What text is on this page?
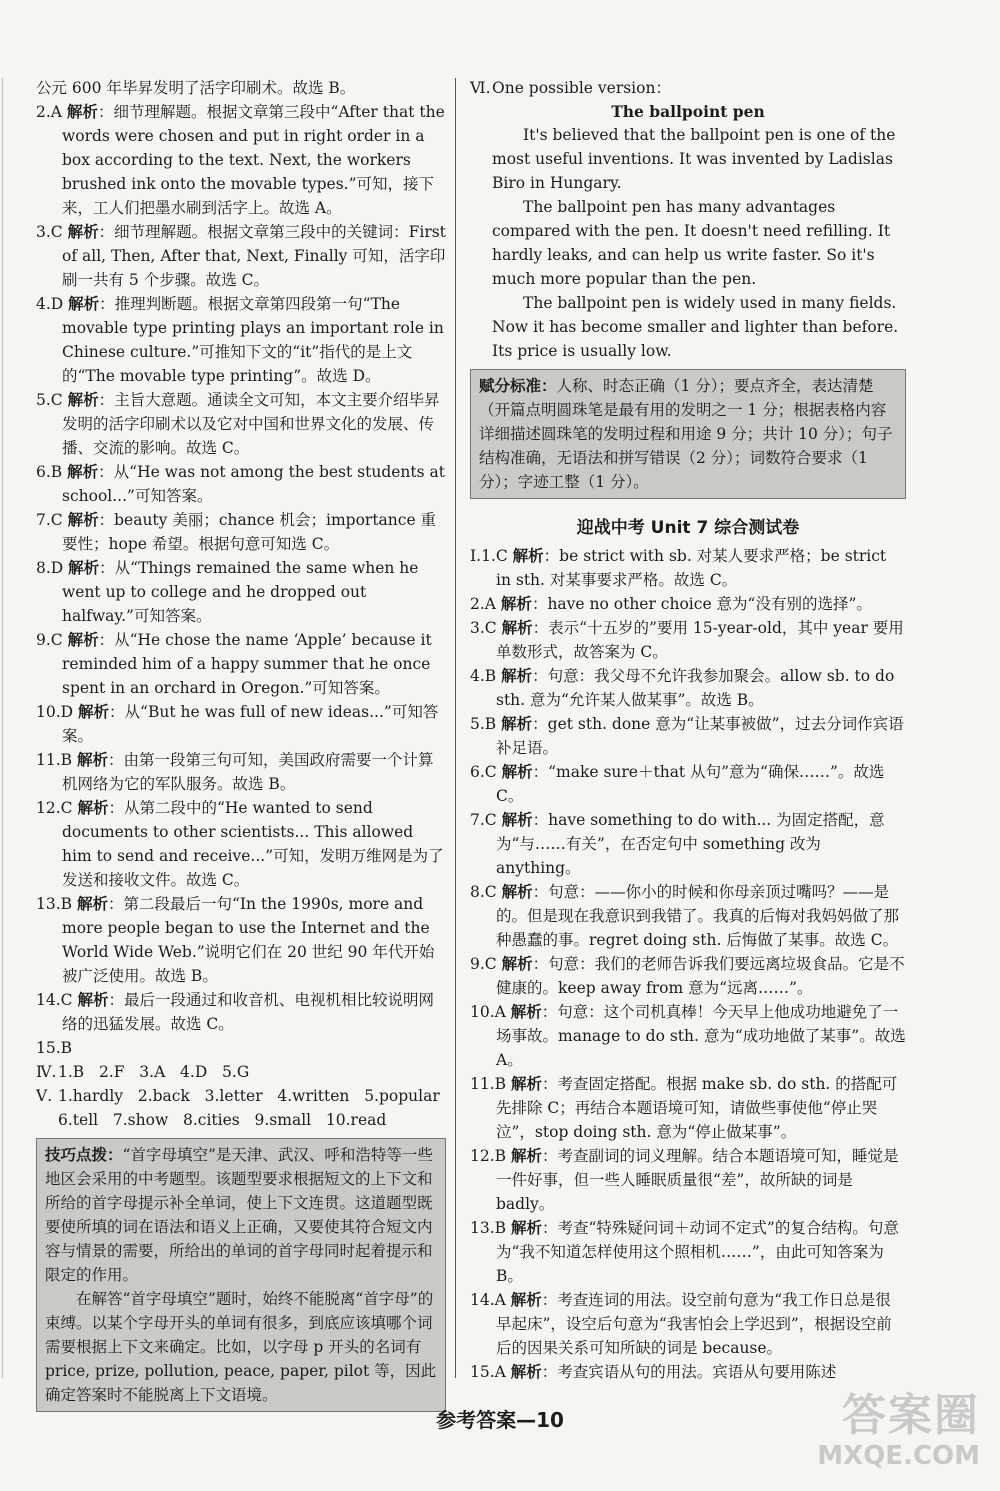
公元 600 年毕昇发明了活字印刷术。故选 B。

2.A 解析：细节理解题。根据文章第三段中“After that the words were chosen and put in right order in a box according to the text. Next, the workers brushed ink onto the movable types.”可知，接下来，工人们把墨水刷到活字上。故选 A。

3.C 解析：细节理解题。根据文章第三段中的关键词：First of all, Then, After that, Next, Finally 可知，活字印刷一共有 5 个步骤。故选 C。

4.D 解析：推理判断题。根据文章第四段第一句“The movable type printing plays an important role in Chinese culture.”可推知下文的“it”指代的是上文的“The movable type printing”。故选 D。

5.C 解析：主旨大意题。通读全文可知，本文主要介绍毕昇发明的活字印刷术以及它对中国和世界文化的发展、传播、交流的影响。故选 C。

6.B 解析：从“He was not among the best students at school...”可知答案。

7.C 解析：beauty 美丽；chance 机会；importance 重要性；hope 希望。根据句意可知选 C。

8.D 解析：从“Things remained the same when he went up to college and he dropped out halfway.”可知答案。

9.C 解析：从“He chose the name ‘Apple’ because it reminded him of a happy summer that he once spent in an orchard in Oregon.”可知答案。

10.D 解析：从“But he was full of new ideas...”可知答案。

11.B 解析：由第一段第三句可知，美国政府需要一个计算机网络为它的军队服务。故选 B。

12.C 解析：从第二段中的“He wanted to send documents to other scientists... This allowed him to send and receive...”可知，发明万维网是为了发送和接收文件。故选 C。

13.B 解析：第二段最后一句“In the 1990s, more and more people began to use the Internet and the World Wide Web.”说明它们在 20 世纪 90 年代开始被广泛使用。故选 B。

14.C 解析：最后一段通过和收音机、电视机相比较说明网络的迅猛发展。故选 C。

15.B

Ⅳ. 1.B   2.F   3.A   4.D   5.G

Ⅴ. 1.hardly   2.back   3.letter   4.written   5.popular

6.tell   7.show   8.cities   9.small   10.read

技巧点拨：“首字母填空”是天津、武汉、呼和浩特等一些地区会采用的中考题型。该题型要求根据短文的上下文和所给的首字母提示补全单词，使上下文连贯。这道题型既要使所填的词在语法和语义上正确，又要使其符合短文内容与情景的需要，所给出的单词的首字母同时起着提示和限定的作用。

在解答“首字母填空”题时，始终不能脱离“首字母”的束缚。以某个字母开头的单词有很多，到底应该填哪个词需要根据上下文来确定。比如，以字母 p 开头的名词有 price, prize, pollution, peace, paper, pilot 等，因此确定答案时不能脱离上下文语境。

Ⅵ.One possible version：

The ballpoint pen

It's believed that the ballpoint pen is one of the most useful inventions. It was invented by Ladislas Biro in Hungary.

The ballpoint pen has many advantages compared with the pen. It doesn't need refilling. It hardly leaks, and can help us write faster. So it's much more popular than the pen.

The ballpoint pen is widely used in many fields. Now it has become smaller and lighter than before. Its price is usually low.

赋分标准：人称、时态正确（1 分）；要点齐全，表达清楚（开篇点明圆珠笔是最有用的发明之一 1 分；根据表格内容详细描述圆珠笔的发明过程和用途 9 分；共计 10 分）；句子结构准确，无语法和拼写错误（2 分）；词数符合要求（1 分）；字迹工整（1 分）。

迎战中考 Unit 7 综合测试卷

Ⅰ.1.C 解析：be strict with sb. 对某人要求严格；be strict in sth. 对某事要求严格。故选 C。

2.A 解析：have no other choice 意为“没有别的选择”。

3.C 解析：表示“十五岁的”要用 15-year-old，其中 year 要用单数形式，故答案为 C。

4.B 解析：句意：我父母不允许我参加聚会。allow sb. to do sth. 意为“允许某人做某事”。故选 B。

5.B 解析：get sth. done 意为“让某事被做”，过去分词作宾语补足语。

6.C 解析：“make sure＋that 从句”意为“确保……”。故选 C。

7.C 解析：have something to do with... 为固定搭配，意为“与……有关”，在否定句中 something 改为 anything。

8.C 解析：句意：——你小的时候和你母亲顶过嘴吗？——是的。但是现在我意识到我错了。我真的后悔对我妈妈做了那种愚蠢的事。regret doing sth. 后悔做了某事。故选 C。

9.C 解析：句意：我们的老师告诉我们要远离垃圾食品。它是不健康的。keep away from 意为“远离……”。

10.A 解析：句意：这个司机真棒！今天早上他成功地避免了一场事故。manage to do sth. 意为“成功地做了某事”。故选 A。

11.B 解析：考查固定搭配。根据 make sb. do sth. 的搭配可先排除 C；再结合本题语境可知，请做些事使他“停止哭泣”，stop doing sth. 意为“停止做某事”。

12.B 解析：考查副词的词义理解。结合本题语境可知，睡觉是一件好事，但一些人睡眠质量很“差”，故所缺的词是 badly。

13.B 解析：考查“特殊疑问词＋动词不定式”的复合结构。句意为“我不知道怎样使用这个照相机……”，由此可知答案为 B。

14.A 解析：考查连词的用法。设空前句意为“我工作日总是很早起床”，设空后句意为“我害怕会上学迟到”，根据设空前后的因果关系可知所缺的词是 because。

15.A 解析：考查宾语从句的用法。宾语从句要用陈述

参考答案—10	答案圈
MXQE.COM
